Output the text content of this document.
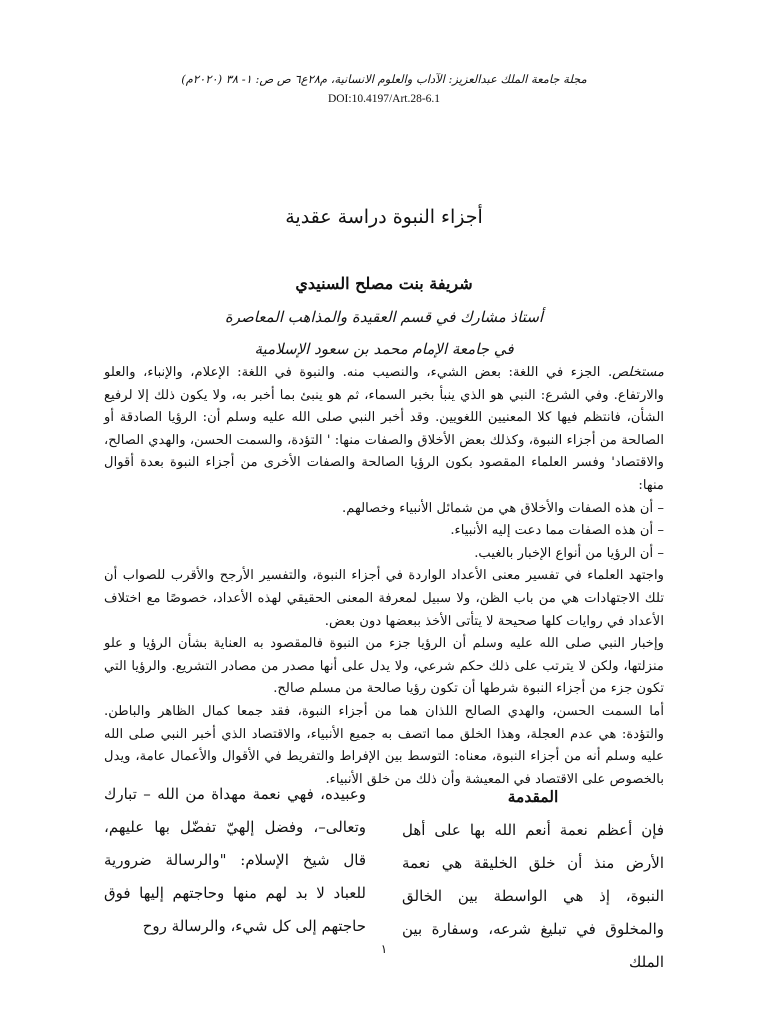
مجلة جامعة الملك عبدالعزيز: الآداب والعلوم الانسانية، م٢٨ع٦ ص ص: ١- ٣٨ (٢٠٢٠م)
DOI:10.4197/Art.28-6.1
أجزاء النبوة دراسة عقدية
شريفة بنت مصلح السنيدي
أستاذ مشارك في قسم العقيدة والمذاهب المعاصرة
في جامعة الإمام محمد بن سعود الإسلامية

مستخلص. الجزء في اللغة: بعض الشيء، والنصيب منه. والنبوة في اللغة: الإعلام، والإنباء، والعلو والارتفاع. وفي الشرع: النبي هو الذي ينبأ بخبر السماء، ثم هو ينبئ بما أخبر به، ولا يكون ذلك إلا لرفيع الشأن، فانتظم فيها كلا المعنيين اللغويين. وقد أخبر النبي صلى الله عليه وسلم أن: الرؤيا الصادقة أو الصالحة من أجزاء النبوة، وكذلك بعض الأخلاق والصفات منها: ' التؤدة، والسمت الحسن، والهدي الصالح، والاقتصاد' وفسر العلماء المقصود بكون الرؤيا الصالحة والصفات الأخرى من أجزاء النبوة بعدة أقوال منها:

– أن هذه الصفات والأخلاق هي من شمائل الأنبياء وخصالهم.

– أن هذه الصفات مما دعت إليه الأنبياء.

– أن الرؤيا من أنواع الإخبار بالغيب.

واجتهد العلماء في تفسير معنى الأعداد الواردة في أجزاء النبوة، والتفسير الأرجح والأقرب للصواب أن تلك الاجتهادات هي من باب الظن، ولا سبيل لمعرفة المعنى الحقيقي لهذه الأعداد، خصوصًا مع اختلاف الأعداد في روايات كلها صحيحة لا يتأتى الأخذ ببعضها دون بعض.

وإخبار النبي صلى الله عليه وسلم أن الرؤيا جزء من النبوة فالمقصود به العناية بشأن الرؤيا و علو منزلتها، ولكن لا يترتب على ذلك حكم شرعي، ولا يدل على أنها مصدر من مصادر التشريع. والرؤيا التي تكون جزء من أجزاء النبوة شرطها أن تكون رؤيا صالحة من مسلم صالح.

أما السمت الحسن، والهدي الصالح اللذان هما من أجزاء النبوة، فقد جمعا كمال الظاهر والباطن. والتؤدة: هي عدم العجلة، وهذا الخلق مما اتصف به جميع الأنبياء، والاقتصاد الذي أخبر النبي صلى الله عليه وسلم أنه من أجزاء النبوة، معناه: التوسط بين الإفراط والتفريط في الأقوال والأعمال عامة، ويدل بالخصوص على الاقتصاد في المعيشة وأن ذلك من خلق الأنبياء.

المقدمة

فإن أعظم نعمة أنعم الله بها على أهل الأرض منذ أن خلق الخليقة هي نعمة النبوة، إذ هي الواسطة بين الخالق والمخلوق في تبليغ شرعه، وسفارة بين الملك

وعبيده، فهي نعمة مهداة من الله – تبارك وتعالى–، وفضل إلهيّ تفضّل بها عليهم، قال شيخ الإسلام: "والرسالة ضرورية للعباد لا بد لهم منها وحاجتهم إليها فوق حاجتهم إلى كل شيء، والرسالة روح

١
